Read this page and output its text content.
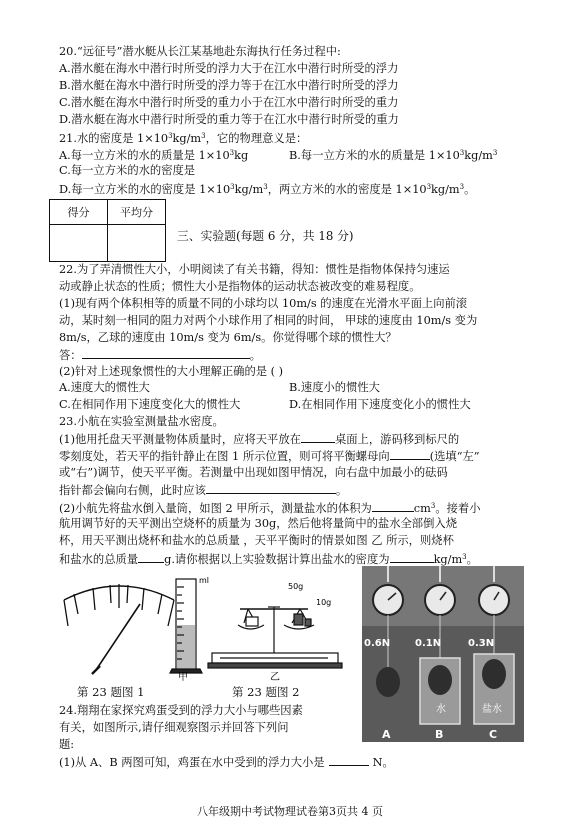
20.“远征号”潜水艇从长江某基地赴东海执行任务过程中:
A.潜水艇在海水中潜行时所受的浮力大于在江水中潜行时所受的浮力
B.潜水艇在海水中潜行时所受的浮力等于在江水中潜行时所受的浮力
C.潜水艇在海水中潜行时所受的重力小于在江水中潜行时所受的重力
D.潜水艇在海水中潜行时所受的重力等于在江水中潜行时所受的重力
21.水的密度是 $1\times 10^3kg/m^3$，它的物理意义是：
A.每一立方米的水的质量是 $1\times 10^3kg$	B.每一立方米的水的质量是 $1\times 10^3kg/m^3$
C.每一立方米的水的密度是
D.每一立方米的水的密度是 $1\times 10^3kg/m^3$，两立方米的水的密度是 $1\times 10^3kg/m^3$。
得分	平均分

三、实验题(每题 6 分，共 18 分)
22.为了弄清惯性大小，小明阅读了有关书籍，得知：惯性是指物体保持匀速运
动或静止状态的性质；惯性大小是指物体的运动状态被改变的难易程度。
(1)现有两个体积相等的质量不同的小球均以 10m/s 的速度在光滑水平面上向前滚
动，某时刻一相同的阻力对两个小球作用了相同的时间， 甲球的速度由 10m/s 变为
8m/s，乙球的速度由 10m/s 变为 6m/s。你觉得哪个球的惯性大？
答：	。
(2)针对上述现象惯性的大小理解正确的是 ( )
A.速度大的惯性大	B.速度小的惯性大
C.在相同作用下速度变化大的惯性大	D.在相同作用下速度变化小的惯性大
23.小航在实验室测量盐水密度。
(1)他用托盘天平测量物体质量时，应将天平放在	桌面上，游码移到标尺的
零刻度处，若天平的指针静止在图 1 所示位置，则可将平衡螺母向	(选填“左”
或“右”)调节，使天平平衡。若测量中出现如图甲情况，向右盘中加最小的砝码
指针都会偏向右侧，此时应该	。
(2)小航先将盐水倒入量筒，如图 2 甲所示，测量盐水的体积为	$cm^3$。接着小
航用调节好的天平测出空烧杯的质量为 30g，然后他将量筒中的盐水全部倒入烧
杯，用天平测出烧杯和盐水的总质量 ，天平平衡时的情景如图 乙 所示，则烧杯
和盐水的总质量 g.请你根据以上实验数据计算出盐水的密度为	$kg/m^3$。
ml
50g
10g
甲	乙
第 23 题图 1	第 23 题图 2
0.6N 0.1N	0.3N
水	盐水
A	B	C
24.翔翔在家探究鸡蛋受到的浮力大小与哪些因素
有关，如图所示,请仔细观察图示并回答下列问
题:
(1)从 A、B 两图可知，鸡蛋在水中受到的浮力大小是	N。
八年级期中考试物理试卷第3页共 4 页
